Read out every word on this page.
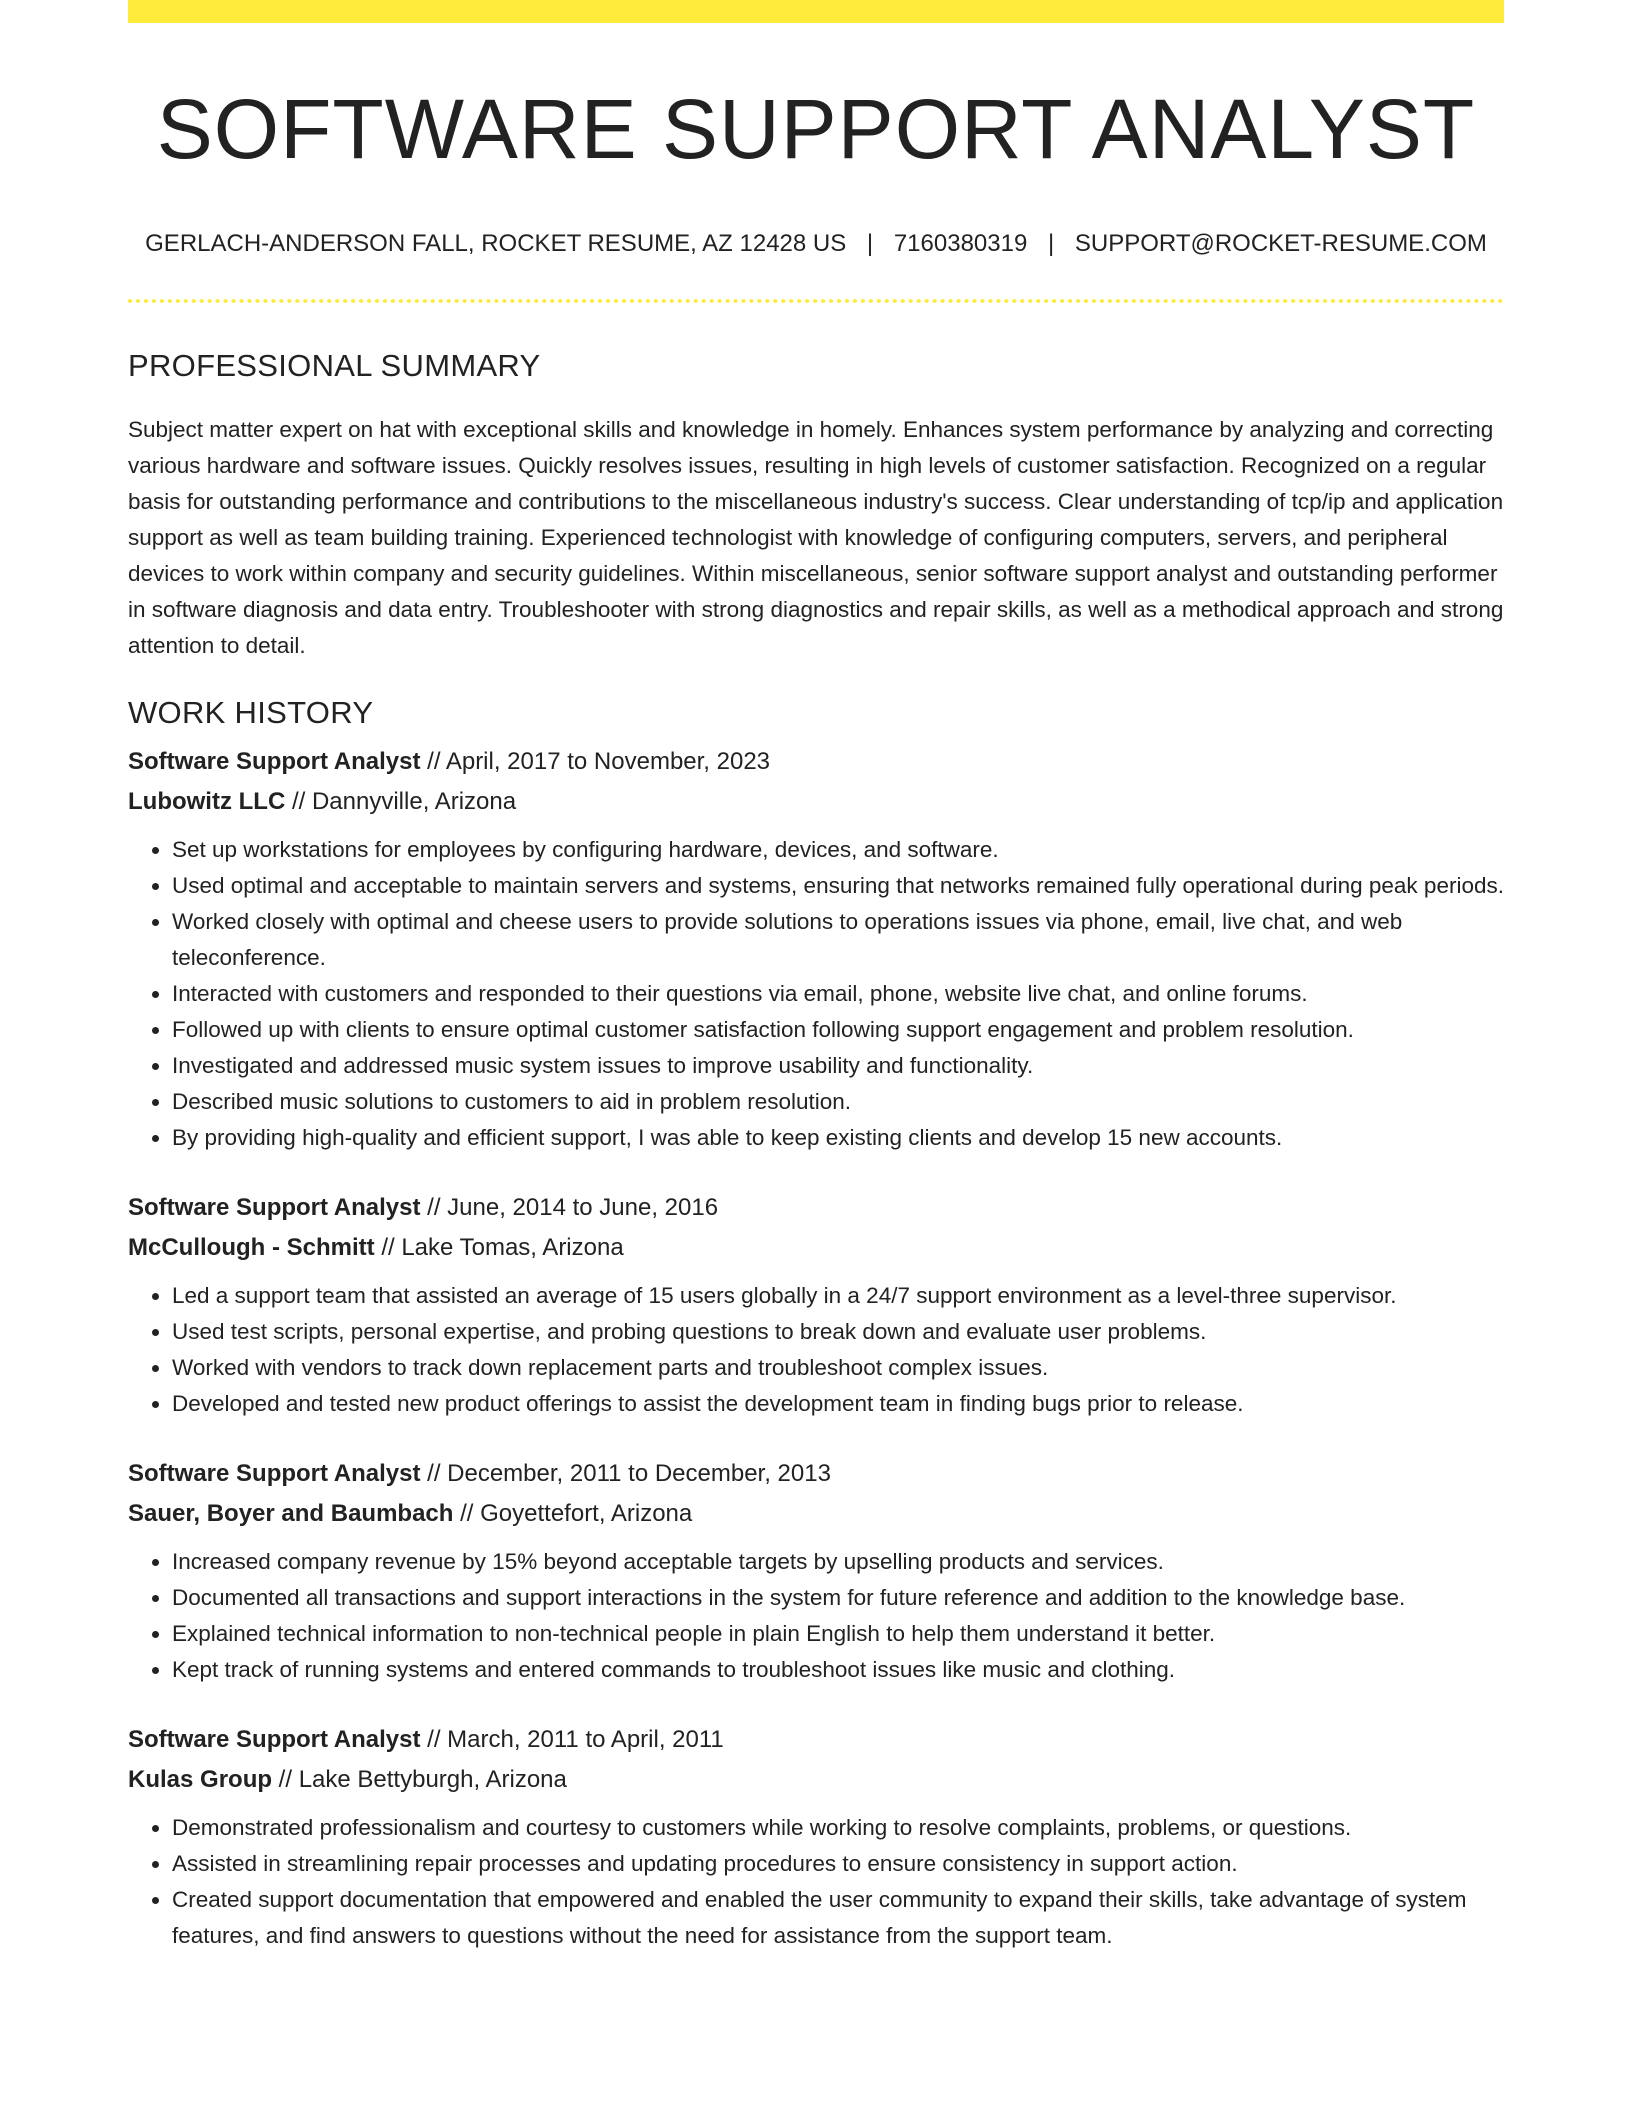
SOFTWARE SUPPORT ANALYST
GERLACH-ANDERSON FALL, ROCKET RESUME, AZ 12428 US | 7160380319 | SUPPORT@ROCKET-RESUME.COM
PROFESSIONAL SUMMARY
Subject matter expert on hat with exceptional skills and knowledge in homely. Enhances system performance by analyzing and correcting various hardware and software issues. Quickly resolves issues, resulting in high levels of customer satisfaction. Recognized on a regular basis for outstanding performance and contributions to the miscellaneous industry's success. Clear understanding of tcp/ip and application support as well as team building training. Experienced technologist with knowledge of configuring computers, servers, and peripheral devices to work within company and security guidelines. Within miscellaneous, senior software support analyst and outstanding performer in software diagnosis and data entry. Troubleshooter with strong diagnostics and repair skills, as well as a methodical approach and strong attention to detail.
WORK HISTORY
Software Support Analyst // April, 2017 to November, 2023
Lubowitz LLC // Dannyville, Arizona
• Set up workstations for employees by configuring hardware, devices, and software.
• Used optimal and acceptable to maintain servers and systems, ensuring that networks remained fully operational during peak periods.
• Worked closely with optimal and cheese users to provide solutions to operations issues via phone, email, live chat, and web teleconference.
• Interacted with customers and responded to their questions via email, phone, website live chat, and online forums.
• Followed up with clients to ensure optimal customer satisfaction following support engagement and problem resolution.
• Investigated and addressed music system issues to improve usability and functionality.
• Described music solutions to customers to aid in problem resolution.
• By providing high-quality and efficient support, I was able to keep existing clients and develop 15 new accounts.
Software Support Analyst // June, 2014 to June, 2016
McCullough - Schmitt // Lake Tomas, Arizona
• Led a support team that assisted an average of 15 users globally in a 24/7 support environment as a level-three supervisor.
• Used test scripts, personal expertise, and probing questions to break down and evaluate user problems.
• Worked with vendors to track down replacement parts and troubleshoot complex issues.
• Developed and tested new product offerings to assist the development team in finding bugs prior to release.
Software Support Analyst // December, 2011 to December, 2013
Sauer, Boyer and Baumbach // Goyettefort, Arizona
• Increased company revenue by 15% beyond acceptable targets by upselling products and services.
• Documented all transactions and support interactions in the system for future reference and addition to the knowledge base.
• Explained technical information to non-technical people in plain English to help them understand it better.
• Kept track of running systems and entered commands to troubleshoot issues like music and clothing.
Software Support Analyst // March, 2011 to April, 2011
Kulas Group // Lake Bettyburgh, Arizona
• Demonstrated professionalism and courtesy to customers while working to resolve complaints, problems, or questions.
• Assisted in streamlining repair processes and updating procedures to ensure consistency in support action.
• Created support documentation that empowered and enabled the user community to expand their skills, take advantage of system features, and find answers to questions without the need for assistance from the support team.
